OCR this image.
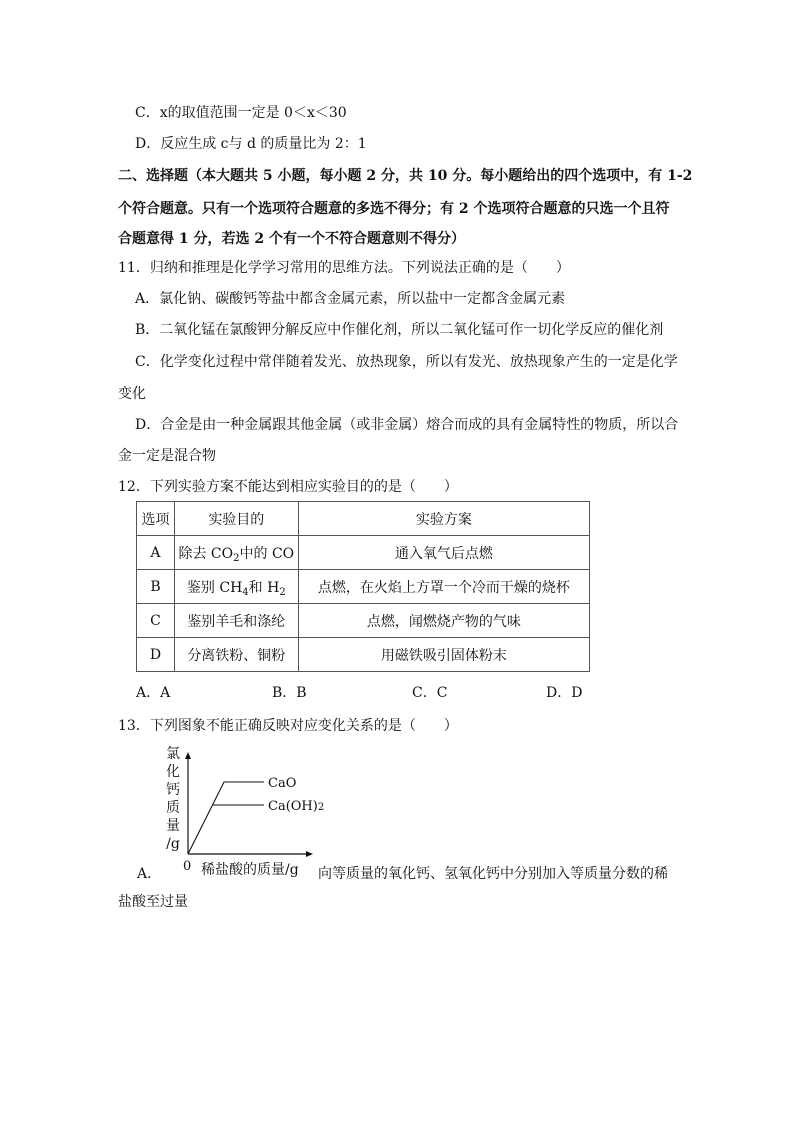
C．x的取值范围一定是 0＜x＜30
D．反应生成 c与 d 的质量比为 2：1
二、选择题（本大题共 5 小题，每小题 2 分，共 10 分。每小题给出的四个选项中，有 1-2
个符合题意。只有一个选项符合题意的多选不得分；有 2 个选项符合题意的只选一个且符
合题意得 1 分，若选 2 个有一个不符合题意则不得分）
11．归纳和推理是化学学习常用的思维方法。下列说法正确的是（　　）
A．氯化钠、碳酸钙等盐中都含金属元素，所以盐中一定都含金属元素
B．二氧化锰在氯酸钾分解反应中作催化剂，所以二氧化锰可作一切化学反应的催化剂
C．化学变化过程中常伴随着发光、放热现象，所以有发光、放热现象产生的一定是化学
变化
D．合金是由一种金属跟其他金属（或非金属）熔合而成的具有金属特性的物质，所以合
金一定是混合物
12．下列实验方案不能达到相应实验目的的是（　　）
选项	实验目的	实验方案
A	除去 $CO_2$中的 CO	通入氧气后点燃
B	鉴别 $CH_4$和 $H_2$	点燃，在火焰上方罩一个冷而干燥的烧杯
C	鉴别羊毛和涤纶	点燃，闻燃烧产物的气味
D	分离铁粉、铜粉	用磁铁吸引固体粉末
A．A	B．B	C．C	D．D
13．下列图象不能正确反映对应变化关系的是（　　）
氯
化
钙
质
量
/g
CaO
Ca(OH)2
0 稀盐酸的质量/g
A．	向等质量的氧化钙、氢氧化钙中分别加入等质量分数的稀
盐酸至过量
